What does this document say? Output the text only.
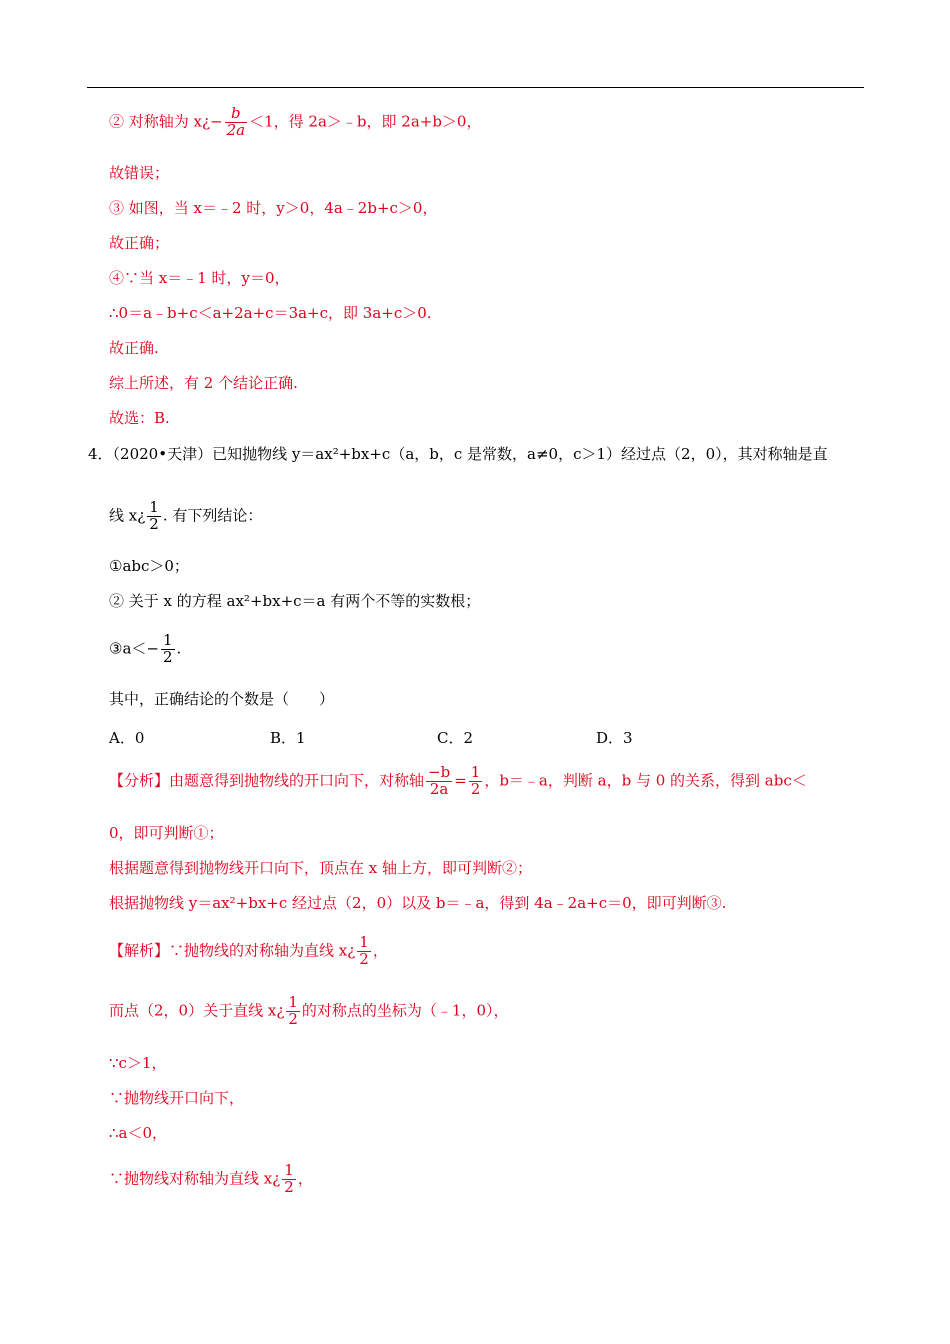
② 对称轴为 x¿− $\frac{b}{2a} <1$，得 2a＞﹣b，即 2a+b＞0，
故错误；
③ 如图，当 x＝﹣2 时，y＞0，4a﹣2b+c＞0，
故正确；
④∵当 x＝﹣1 时，y＝0，
∴0＝a﹣b+c＜a+2a+c＝3a+c，即 3a+c＞0.
故正确.
综上所述，有 2 个结论正确.
故选：B.
4．（2020•天津）已知抛物线 y＝ax²+bx+c（a，b，c 是常数，a≠0，c＞1）经过点（2，0），其对称轴是直
线 x¿ $\frac{1}{2}$ . 有下列结论：
①abc＞0；
② 关于 x 的方程 ax²+bx+c＝a 有两个不等的实数根；
③a＜− $\frac{1}{2}$ .
其中，正确结论的个数是（　　）
A．0	B．1	C．2	D．3
【分析】由题意得到抛物线的开口向下，对称轴 $\frac{-b}{2a} = \frac{1}{2}$ ，b＝﹣a，判断 a，b 与 0 的关系，得到 abc＜
0，即可判断①；
根据题意得到抛物线开口向下，顶点在 x 轴上方，即可判断②；
根据抛物线 y＝ax²+bx+c 经过点（2，0）以及 b＝﹣a，得到 4a﹣2a+c＝0，即可判断③.
【解析】∵抛物线的对称轴为直线 x¿ $\frac{1}{2}$ ，
而点（2，0）关于直线 x¿ $\frac{1}{2}$ 的对称点的坐标为（﹣1，0），
∵c＞1，
∵抛物线开口向下，
∴a＜0，
∵抛物线对称轴为直线 x¿ $\frac{1}{2}$ ，
